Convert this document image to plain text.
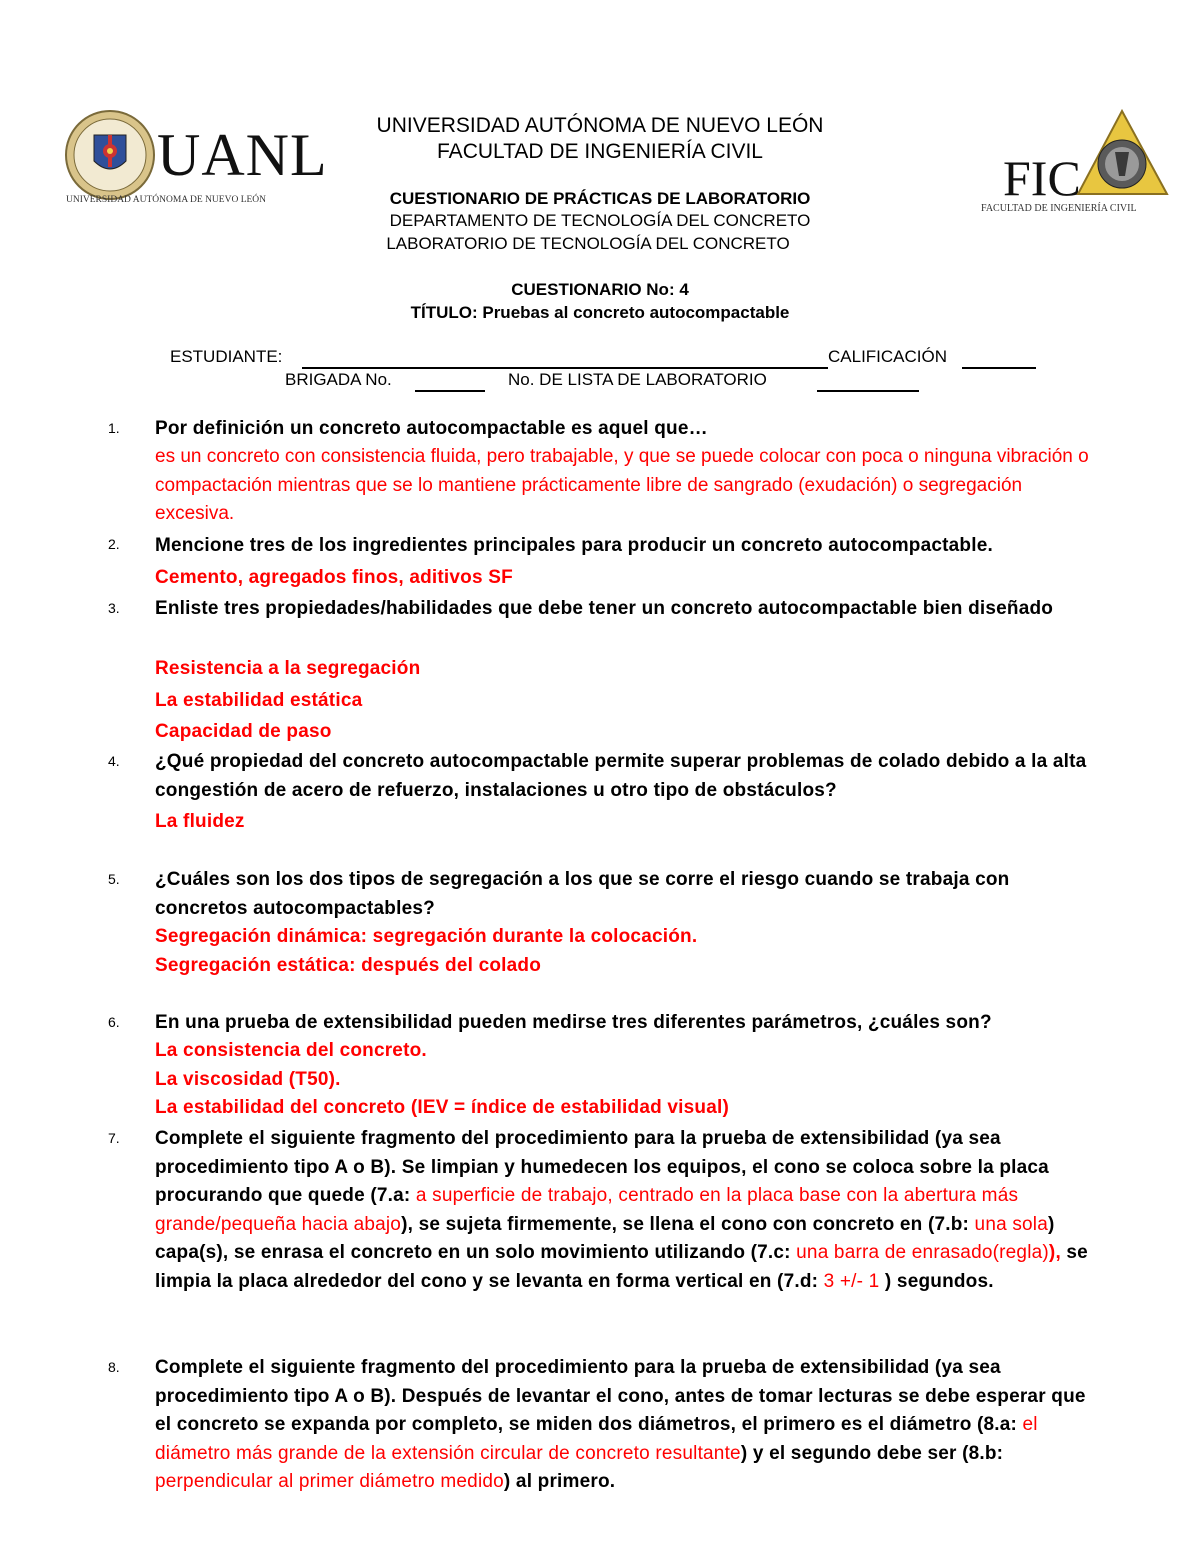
UANL
UNIVERSIDAD AUTÓNOMA DE NUEVO LEÓN	FIC
FACULTAD DE INGENIERÍA CIVIL
UNIVERSIDAD AUTÓNOMA DE NUEVO LEÓN
FACULTAD DE INGENIERÍA CIVIL
CUESTIONARIO DE PRÁCTICAS DE LABORATORIO
DEPARTAMENTO DE TECNOLOGÍA DEL CONCRETO
LABORATORIO DE TECNOLOGÍA DEL CONCRETO
CUESTIONARIO No: 4
TÍTULO: Pruebas al concreto autocompactable
ESTUDIANTE:	CALIFICACIÓN
BRIGADA No.	No. DE LISTA DE LABORATORIO
1. Por definición un concreto autocompactable es aquel que…
es un concreto con consistencia fluida, pero trabajable, y que se puede colocar con poca o ninguna vibración o compactación mientras que se lo mantiene prácticamente libre de sangrado (exudación) o segregación excesiva.
2. Mencione tres de los ingredientes principales para producir un concreto autocompactable.
Cemento, agregados finos, aditivos SF
3. Enliste tres propiedades/habilidades que debe tener un concreto autocompactable bien diseñado
Resistencia a la segregación
La estabilidad estática
Capacidad de paso
4. ¿Qué propiedad del concreto autocompactable permite superar problemas de colado debido a la alta congestión de acero de refuerzo, instalaciones u otro tipo de obstáculos?
La fluidez
5. ¿Cuáles son los dos tipos de segregación a los que se corre el riesgo cuando se trabaja con concretos autocompactables?
Segregación dinámica: segregación durante la colocación.
Segregación estática: después del colado
6. En una prueba de extensibilidad pueden medirse tres diferentes parámetros, ¿cuáles son?
La consistencia del concreto.
La viscosidad (T50).
La estabilidad del concreto (IEV = índice de estabilidad visual)
7. Complete el siguiente fragmento del procedimiento para la prueba de extensibilidad (ya sea procedimiento tipo A o B). Se limpian y humedecen los equipos, el cono se coloca sobre la placa procurando que quede (7.a: a superficie de trabajo, centrado en la placa base con la abertura más grande/pequeña hacia abajo), se sujeta firmemente, se llena el cono con concreto en (7.b: una sola) capa(s), se enrasa el concreto en un solo movimiento utilizando (7.c: una barra de enrasado(regla)), se limpia la placa alrededor del cono y se levanta en forma vertical en (7.d: 3 +/- 1 ) segundos.
8. Complete el siguiente fragmento del procedimiento para la prueba de extensibilidad (ya sea procedimiento tipo A o B). Después de levantar el cono, antes de tomar lecturas se debe esperar que el concreto se expanda por completo, se miden dos diámetros, el primero es el diámetro (8.a: el diámetro más grande de la extensión circular de concreto resultante) y el segundo debe ser (8.b: perpendicular al primer diámetro medido) al primero.
